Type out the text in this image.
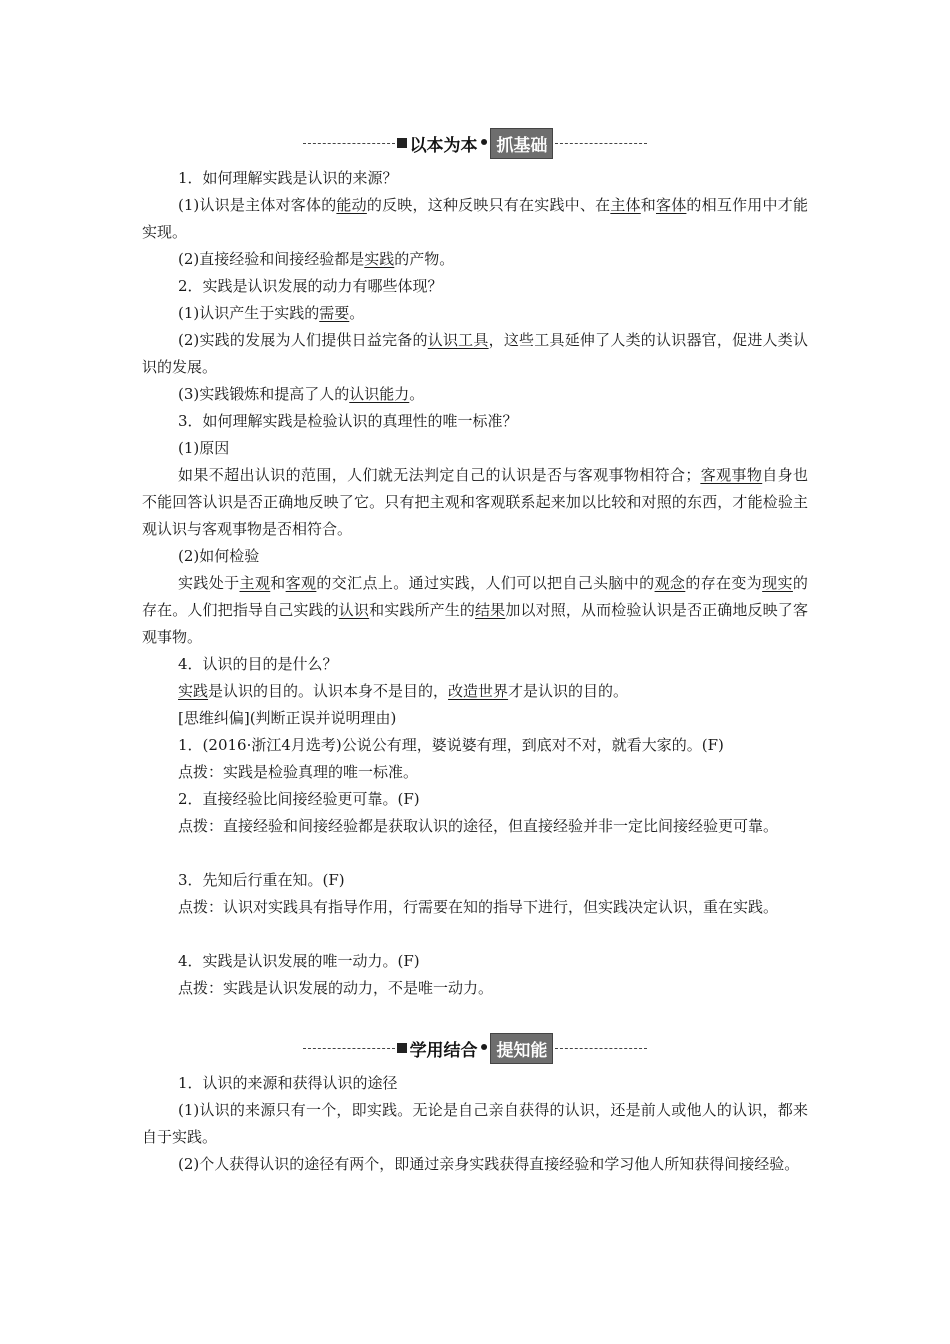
以本为本 • 抓基础

1．如何理解实践是认识的来源？

(1)认识是主体对客体的能动的反映，这种反映只有在实践中、在主体和客体的相互作用中才能实现。

(2)直接经验和间接经验都是实践的产物。

2．实践是认识发展的动力有哪些体现？

(1)认识产生于实践的需要。

(2)实践的发展为人们提供日益完备的认识工具，这些工具延伸了人类的认识器官，促进人类认识的发展。

(3)实践锻炼和提高了人的认识能力。

3．如何理解实践是检验认识的真理性的唯一标准？

(1)原因

如果不超出认识的范围，人们就无法判定自己的认识是否与客观事物相符合；客观事物自身也不能回答认识是否正确地反映了它。只有把主观和客观联系起来加以比较和对照的东西，才能检验主观认识与客观事物是否相符合。

(2)如何检验

实践处于主观和客观的交汇点上。通过实践，人们可以把自己头脑中的观念的存在变为现实的存在。人们把指导自己实践的认识和实践所产生的结果加以对照，从而检验认识是否正确地反映了客观事物。

4．认识的目的是什么？

实践是认识的目的。认识本身不是目的，改造世界才是认识的目的。

[思维纠偏](判断正误并说明理由)

1．(2016·浙江4月选考)公说公有理，婆说婆有理，到底对不对，就看大家的。(F)

点拨：实践是检验真理的唯一标准。

2．直接经验比间接经验更可靠。(F)

点拨：直接经验和间接经验都是获取认识的途径，但直接经验并非一定比间接经验更可靠。

3．先知后行重在知。(F)

点拨：认识对实践具有指导作用，行需要在知的指导下进行，但实践决定认识，重在实践。

4．实践是认识发展的唯一动力。(F)

点拨：实践是认识发展的动力，不是唯一动力。

学用结合 • 提知能

1．认识的来源和获得认识的途径

(1)认识的来源只有一个，即实践。无论是自己亲自获得的认识，还是前人或他人的认识，都来自于实践。

(2)个人获得认识的途径有两个，即通过亲身实践获得直接经验和学习他人所知获得间接经验。
